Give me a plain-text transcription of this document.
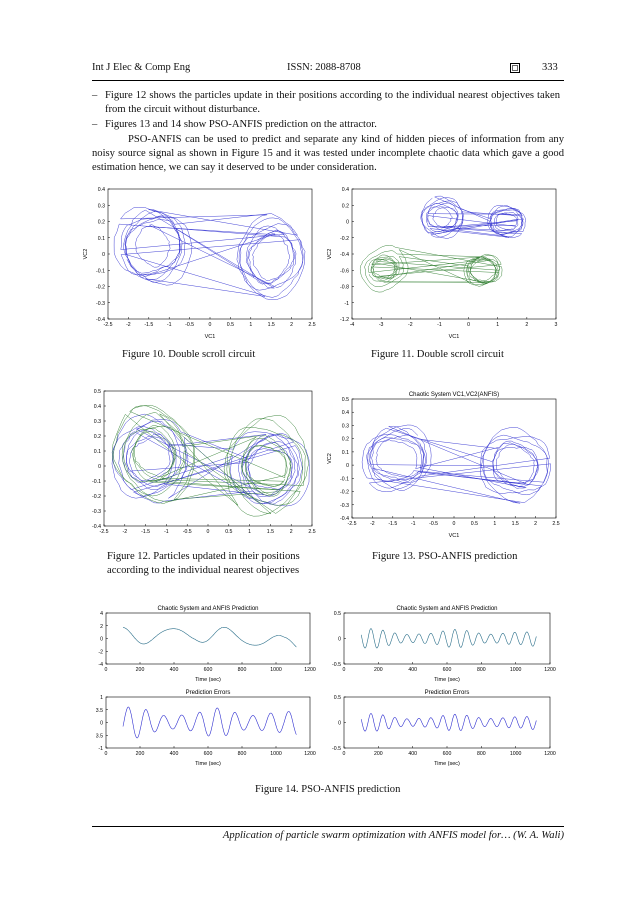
Int J Elec & Comp Eng	ISSN: 2088-8708	333
– Figure 12 shows the particles update in their positions according to the individual nearest objectives taken from the circuit without disturbance.
– Figures 13 and 14 show PSO-ANFIS prediction on the attractor.
PSO-ANFIS can be used to predict and separate any kind of hidden pieces of information from any noisy source signal as shown in Figure 15 and it was tested under incomplete chaotic data which gave a good estimation hence, we can say it deserved to be under consideration.
-2.5	-2	-1.5	-1	-0.5	0	0.5	1	1.5	2	2.5
-0.4
-0.3
-0.2
-0.1
0
0.1
0.2
0.3
0.4
VC1
VC2
-4	-3	-2	-1	0	1	2	3
-1.2
-1
-0.8
-0.6
-0.4
-0.2
0
0.2
0.4
VC1
VC2
Figure 10. Double scroll circuit	Figure 11. Double scroll circuit
-2.5	-2	-1.5	-1	-0.5	0	0.5	1	1.5	2	2.5
-0.4
-0.3
-0.2
-0.1
0
0.1
0.2
0.3
0.4
0.5	Chaotic System VC1,VC2(ANFIS)
-2.5	-2	-1.5	-1	-0.5	0	0.5	1	1.5	2	2.5
-0.4
-0.3
-0.2
-0.1
0
0.1
0.2
0.3
0.4
0.5
VC1
VC2
Figure 12. Particles updated in their positions according to the individual nearest objectives
Figure 13. PSO-ANFIS prediction
Chaotic System and ANFIS Prediction
0	200	400	600	800	1000	1200
-4
-2
0
2
4
Time (sec)
Prediction Errors
0	200	400	600	800	1000	1200
-1
3.5
0
3.5
1
Time (sec)
Chaotic System and ANFIS Prediction
0	200	400	600	800	1000	1200
-0.5
0
0.5
Time (sec)
Prediction Errors
0	200	400	600	800	1000	1200
-0.5
0
0.5
Time (sec)
Figure 14. PSO-ANFIS prediction
Application of particle swarm optimization with ANFIS model for… (W. A. Wali)
